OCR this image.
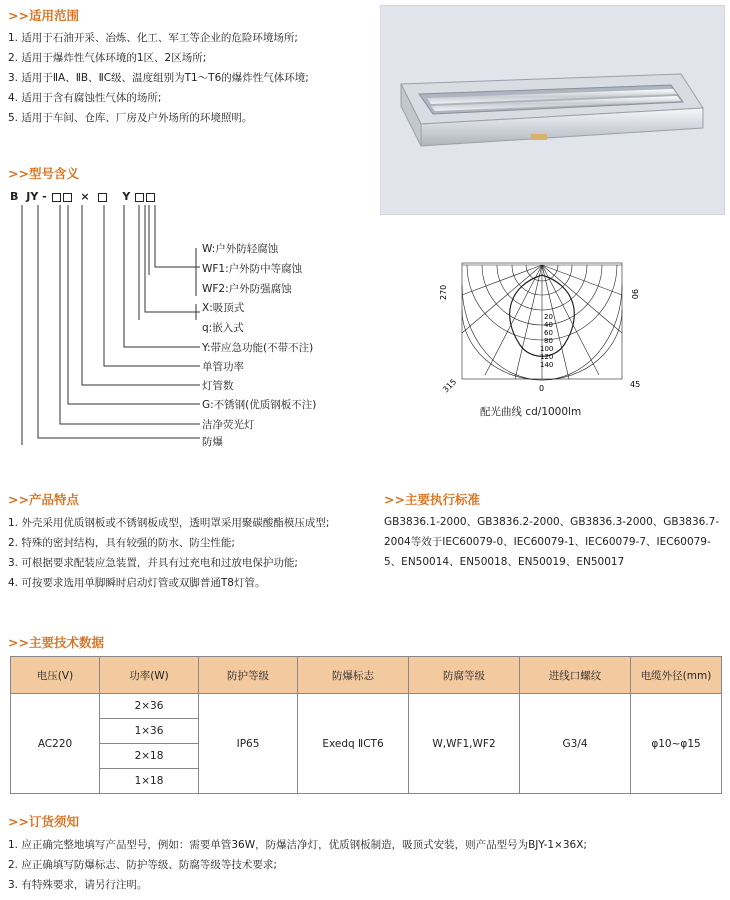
>>适用范围
1. 适用于石油开采、冶炼、化工、军工等企业的危险环境场所;
2. 适用于爆炸性气体环境的1区、2区场所;
3. 适用于ⅡA、ⅡB、ⅡC级、温度组别为T1～T6的爆炸性气体环境;
4. 适用于含有腐蚀性气体的场所;
5. 适用于车间、仓库、厂房及户外场所的环境照明。
>>型号含义
B JY -	×	Y
W:户外防轻腐蚀
WF1:户外防中等腐蚀
WF2:户外防强腐蚀
X:吸顶式
q:嵌入式
Y:带应急功能(不带不注)
单管功率
灯管数
G:不锈钢(优质钢板不注)
洁净荧光灯
防爆
270	90
315	0	45
20
40
60
80
100
120
140
配光曲线 cd/1000lm
>>产品特点
1. 外壳采用优质钢板或不锈钢板成型，透明罩采用聚碳酸酯模压成型;
2. 特殊的密封结构，具有较强的防水、防尘性能;
3. 可根据要求配装应急装置，并具有过充电和过放电保护功能;
4. 可按要求选用单脚瞬时启动灯管或双脚普通T8灯管。
>>主要执行标准
GB3836.1-2000、GB3836.2-2000、GB3836.3-2000、GB3836.7-2004等效于IEC60079-0、IEC60079-1、IEC60079-7、IEC60079-5、EN50014、EN50018、EN50019、EN50017
>>主要技术数据
电压(V)	功率(W)	防护等级	防爆标志	防腐等级	进线口螺纹	电缆外径(mm)
AC220	2×36	IP65	Exedq ⅡCT6	W,WF1,WF2	G3/4	φ10~φ15
	1×36					
	2×18					
	1×18					
>>订货须知
1. 应正确完整地填写产品型号，例如：需要单管36W，防爆洁净灯，优质钢板制造，吸顶式安装，则产品型号为BJY-1×36X;
2. 应正确填写防爆标志、防护等级、防腐等级等技术要求;
3. 有特殊要求，请另行注明。
